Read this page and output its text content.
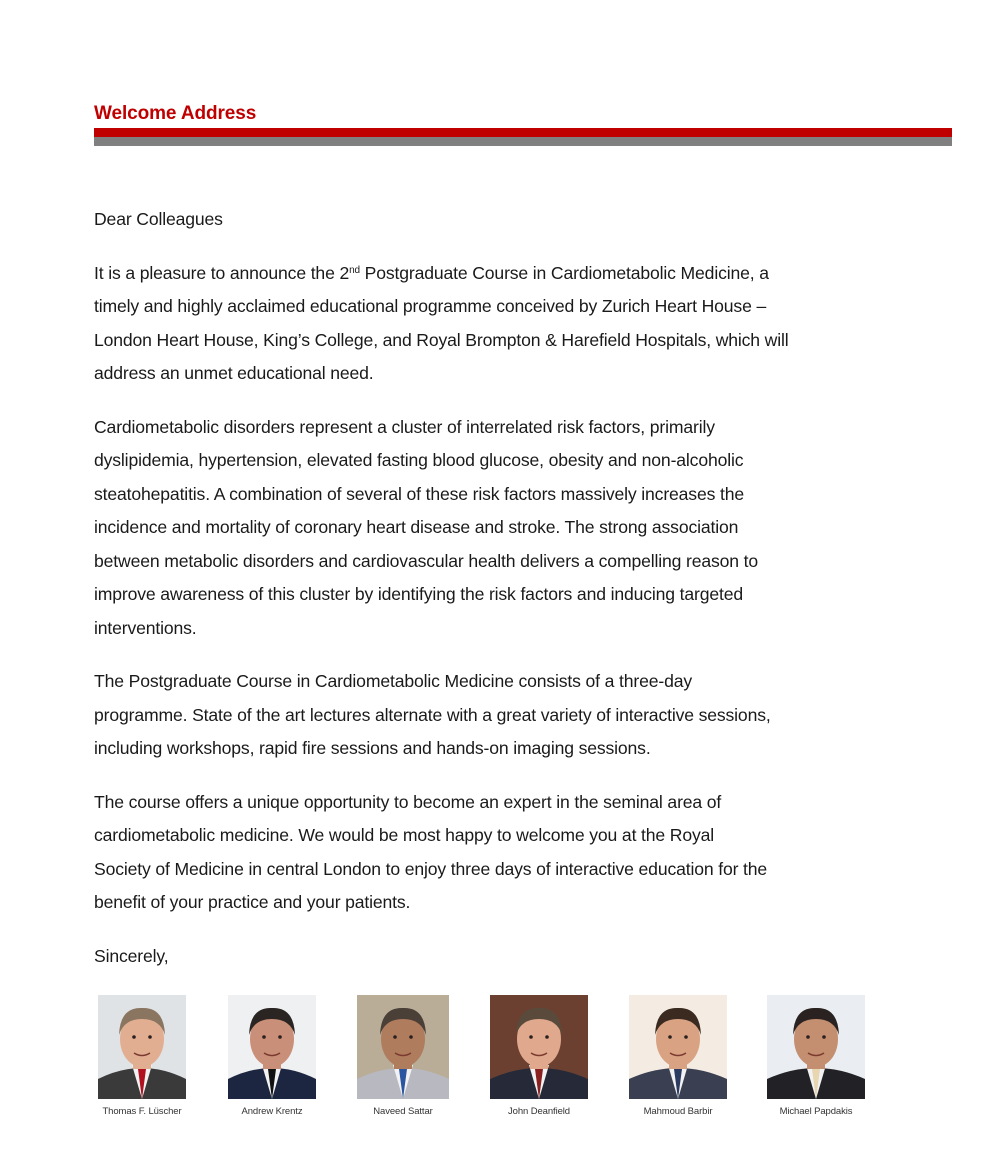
Welcome Address

Dear Colleagues

It is a pleasure to announce the 2nd Postgraduate Course in Cardiometabolic Medicine, a
timely and highly acclaimed educational programme conceived by Zurich Heart House –
London Heart House, King’s College, and Royal Brompton & Harefield Hospitals, which will
address an unmet educational need.

Cardiometabolic disorders represent a cluster of interrelated risk factors, primarily
dyslipidemia, hypertension, elevated fasting blood glucose, obesity and non-alcoholic
steatohepatitis. A combination of several of these risk factors massively increases the
incidence and mortality of coronary heart disease and stroke. The strong association
between metabolic disorders and cardiovascular health delivers a compelling reason to
improve awareness of this cluster by identifying the risk factors and inducing targeted
interventions.

The Postgraduate Course in Cardiometabolic Medicine consists of a three-day
programme. State of the art lectures alternate with a great variety of interactive sessions,
including workshops, rapid fire sessions and hands-on imaging sessions.

The course offers a unique opportunity to become an expert in the seminal area of
cardiometabolic medicine. We would be most happy to welcome you at the Royal
Society of Medicine in central London to enjoy three days of interactive education for the
benefit of your practice and your patients.

Sincerely,

Thomas F. Lüscher	Andrew Krentz	Naveed Sattar	John Deanfield	Mahmoud Barbir	Michael Papdakis
